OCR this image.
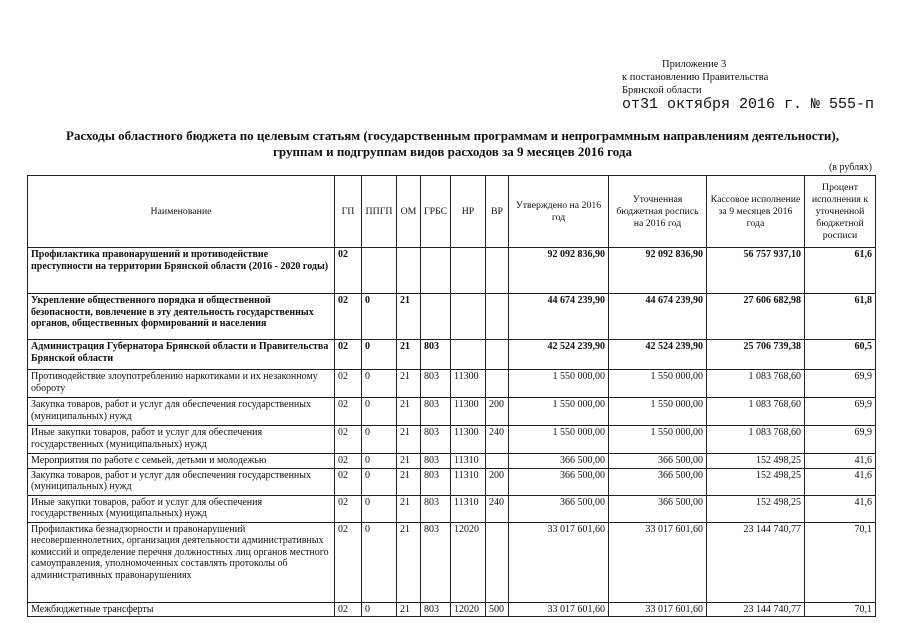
Приложение 3
к постановлению Правительства
Брянской области
от31 октября 2016 г. № 555-п
Расходы областного бюджета по целевым статьям (государственным программам и непрограммным направлениям деятельности),
группам и подгруппам видов расходов за 9 месяцев 2016 года
(в рублях)
Наименование	ГП	ППГП	ОМ	ГРБС	НР	ВР	Утверждено на 2016 год	Уточненная бюджетная роспись на 2016 год	Кассовое исполнение за 9 месяцев 2016 года	Процент исполнения к уточненной бюджетной росписи
Профилактика правонарушений и противодействие преступности на территории Брянской области (2016 - 2020 годы)	02						92 092 836,90	92 092 836,90	56 757 937,10	61,6
Укрепление общественного порядка и общественной безопасности, вовлечение в эту деятельность государственных органов, общественных формирований и населения	02	0	21				44 674 239,90	44 674 239,90	27 606 682,98	61,8
Администрация Губернатора Брянской области и Правительства Брянской области	02	0	21	803			42 524 239,90	42 524 239,90	25 706 739,38	60,5
Противодействие злоупотреблению наркотиками и их незаконному обороту	02	0	21	803	11300		1 550 000,00	1 550 000,00	1 083 768,60	69,9
Закупка товаров, работ и услуг для обеспечения государственных (муниципальных) нужд	02	0	21	803	11300	200	1 550 000,00	1 550 000,00	1 083 768,60	69,9
Иные закупки товаров, работ и услуг для обеспечения государственных (муниципальных) нужд	02	0	21	803	11300	240	1 550 000,00	1 550 000,00	1 083 768,60	69,9
Мероприятия по работе с семьей, детьми и молодежью	02	0	21	803	11310		366 500,00	366 500,00	152 498,25	41,6
Закупка товаров, работ и услуг для обеспечения государственных (муниципальных) нужд	02	0	21	803	11310	200	366 500,00	366 500,00	152 498,25	41,6
Иные закупки товаров, работ и услуг для обеспечения государственных (муниципальных) нужд	02	0	21	803	11310	240	366 500,00	366 500,00	152 498,25	41,6
Профилактика безнадзорности и правонарушений несовершеннолетних, организация деятельности административных комиссий и определение перечня должностных лиц органов местного самоуправления, уполномоченных составлять протоколы об административных правонарушениях	02	0	21	803	12020		33 017 601,60	33 017 601,60	23 144 740,77	70,1
Межбюджетные трансферты	02	0	21	803	12020	500	33 017 601,60	33 017 601,60	23 144 740,77	70,1
